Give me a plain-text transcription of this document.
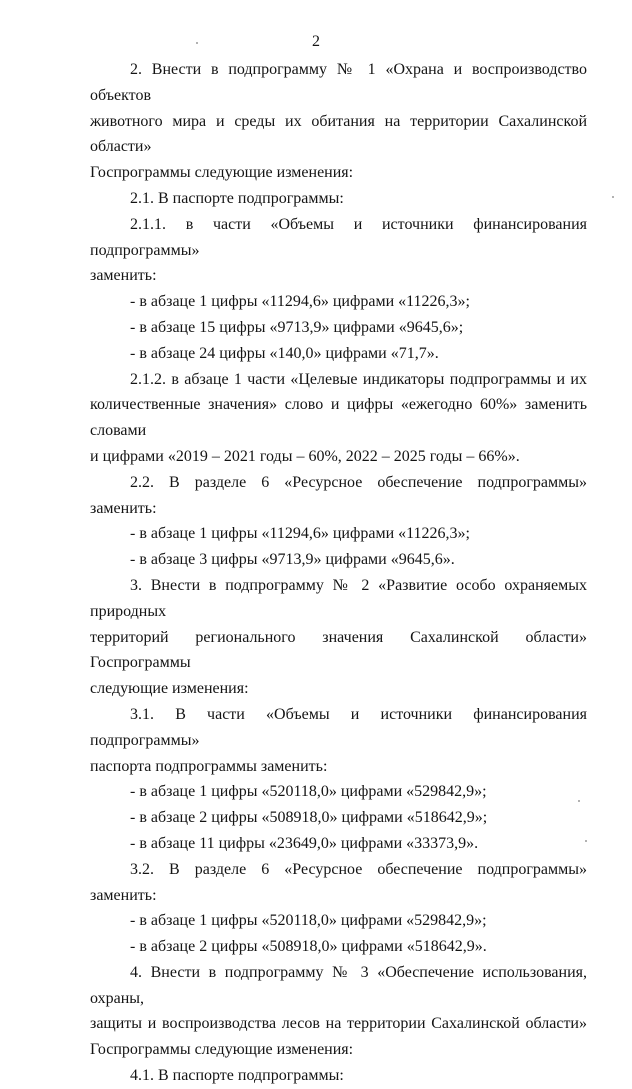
2

2. Внести в подпрограмму № 1 «Охрана и воспроизводство объектов
животного мира и среды их обитания на территории Сахалинской области»
Госпрограммы следующие изменения:

2.1. В паспорте подпрограммы:

2.1.1. в части «Объемы и источники финансирования подпрограммы»
заменить:

- в абзаце 1 цифры «11294,6» цифрами «11226,3»;

- в абзаце 15 цифры «9713,9» цифрами «9645,6»;

- в абзаце 24 цифры «140,0» цифрами «71,7».

2.1.2. в абзаце 1 части «Целевые индикаторы подпрограммы и их
количественные значения» слово и цифры «ежегодно 60%» заменить словами
и цифрами «2019 – 2021 годы – 60%, 2022 – 2025 годы – 66%».

2.2. В разделе 6 «Ресурсное обеспечение подпрограммы» заменить:

- в абзаце 1 цифры «11294,6» цифрами «11226,3»;

- в абзаце 3 цифры «9713,9» цифрами «9645,6».

3. Внести в подпрограмму № 2 «Развитие особо охраняемых природных
территорий регионального значения Сахалинской области» Госпрограммы
следующие изменения:

3.1. В части «Объемы и источники финансирования подпрограммы»
паспорта подпрограммы заменить:

- в абзаце 1 цифры «520118,0» цифрами «529842,9»;

- в абзаце 2 цифры «508918,0» цифрами «518642,9»;

- в абзаце 11 цифры «23649,0» цифрами «33373,9».

3.2. В разделе 6 «Ресурсное обеспечение подпрограммы» заменить:

- в абзаце 1 цифры «520118,0» цифрами «529842,9»;

- в абзаце 2 цифры «508918,0» цифрами «518642,9».

4. Внести в подпрограмму № 3 «Обеспечение использования, охраны,
защиты и воспроизводства лесов на территории Сахалинской области»
Госпрограммы следующие изменения:

4.1. В паспорте подпрограммы:
